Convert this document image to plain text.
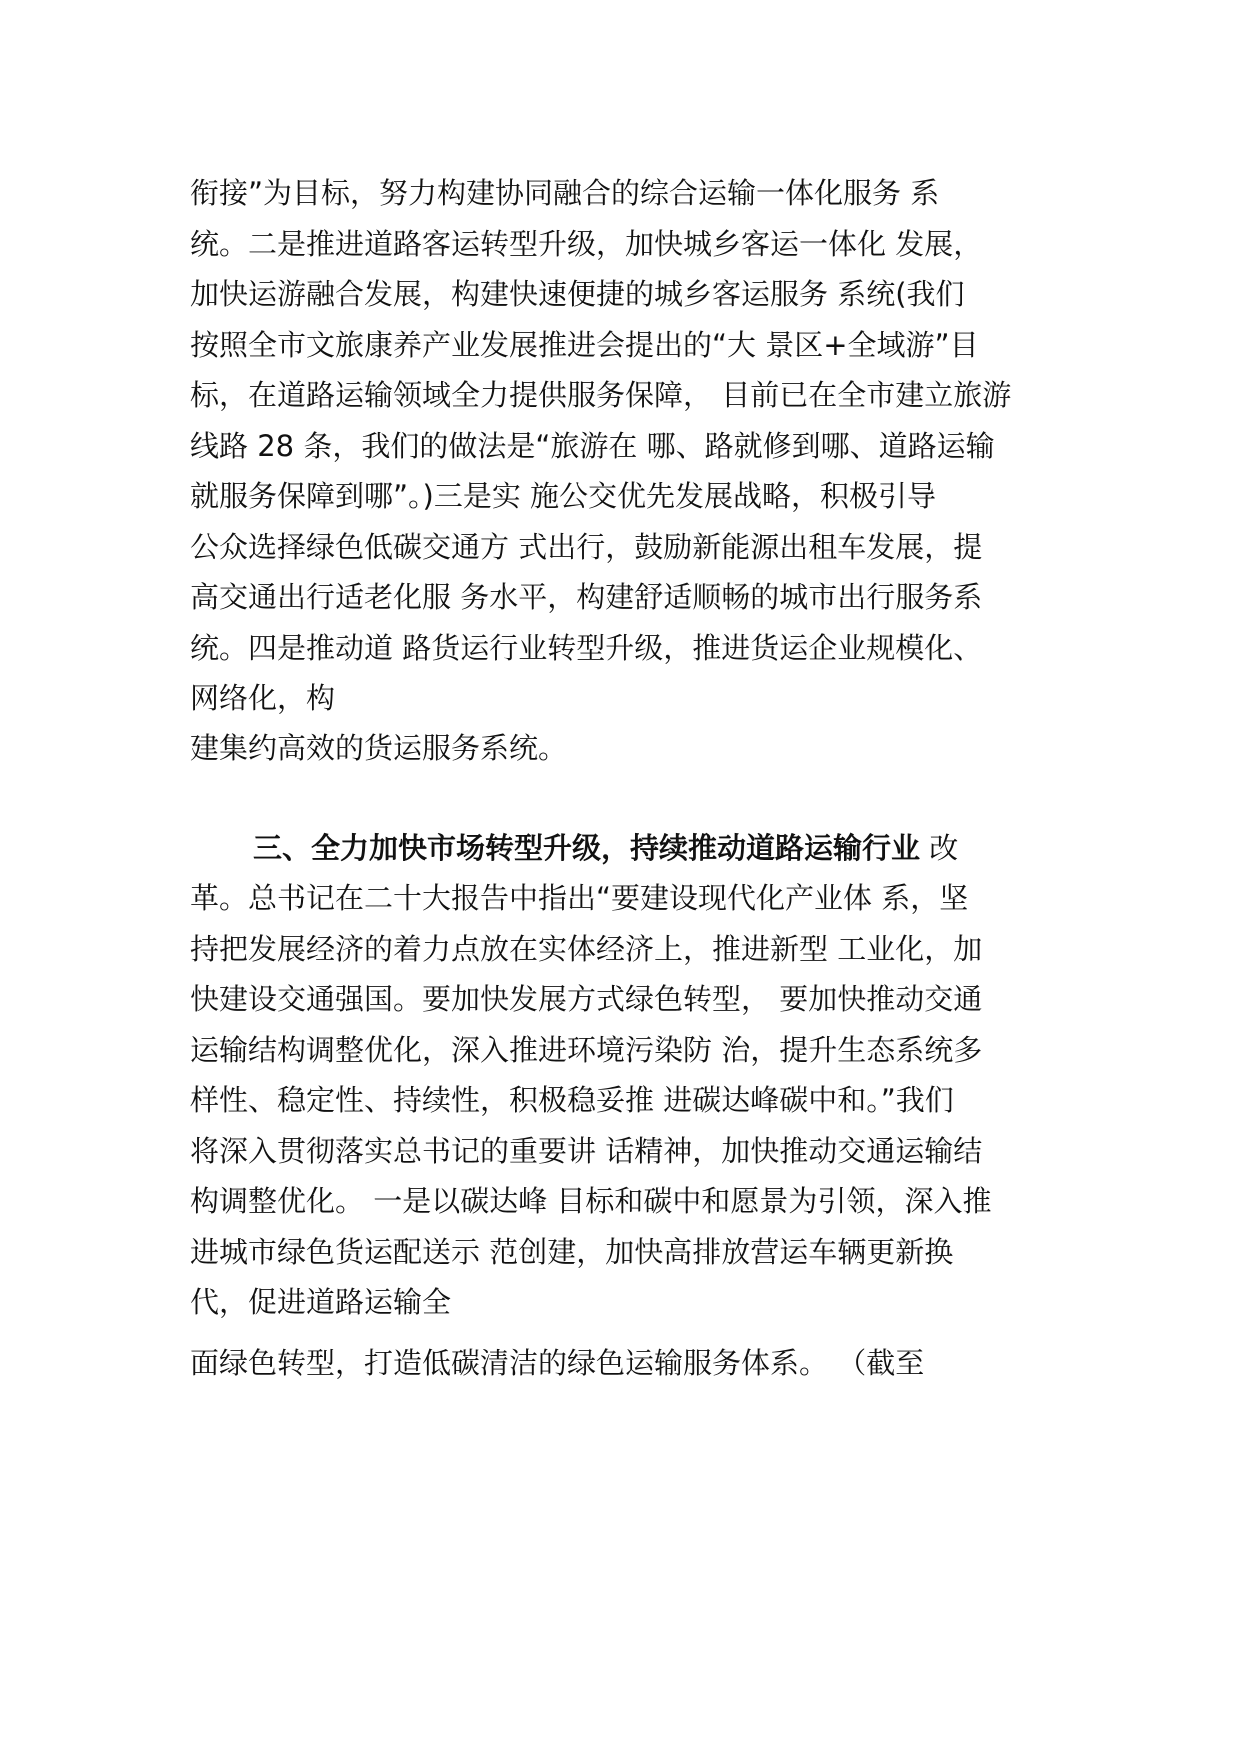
衔接”为目标，努力构建协同融合的综合运输一体化服务 系
统。二是推进道路客运转型升级，加快城乡客运一体化 发展，
加快运游融合发展，构建快速便捷的城乡客运服务 系统(我们
按照全市文旅康养产业发展推进会提出的“大 景区+全域游”目
标，在道路运输领域全力提供服务保障， 目前已在全市建立旅游
线路 28 条，我们的做法是“旅游在 哪、路就修到哪、道路运输
就服务保障到哪”。)三是实 施公交优先发展战略，积极引导
公众选择绿色低碳交通方 式出行，鼓励新能源出租车发展，提
高交通出行适老化服 务水平，构建舒适顺畅的城市出行服务系
统。四是推动道 路货运行业转型升级，推进货运企业规模化、
网络化，构
建集约高效的货运服务系统。
三、全力加快市场转型升级，持续推动道路运输行业 改
革。总书记在二十大报告中指出“要建设现代化产业体 系，坚
持把发展经济的着力点放在实体经济上，推进新型 工业化，加
快建设交通强国。要加快发展方式绿色转型， 要加快推动交通
运输结构调整优化，深入推进环境污染防 治，提升生态系统多
样性、稳定性、持续性，积极稳妥推 进碳达峰碳中和。”我们
将深入贯彻落实总书记的重要讲 话精神，加快推动交通运输结
构调整优化。 一是以碳达峰 目标和碳中和愿景为引领，深入推
进城市绿色货运配送示 范创建，加快高排放营运车辆更新换
代，促进道路运输全
面绿色转型，打造低碳清洁的绿色运输服务体系。 （截至
